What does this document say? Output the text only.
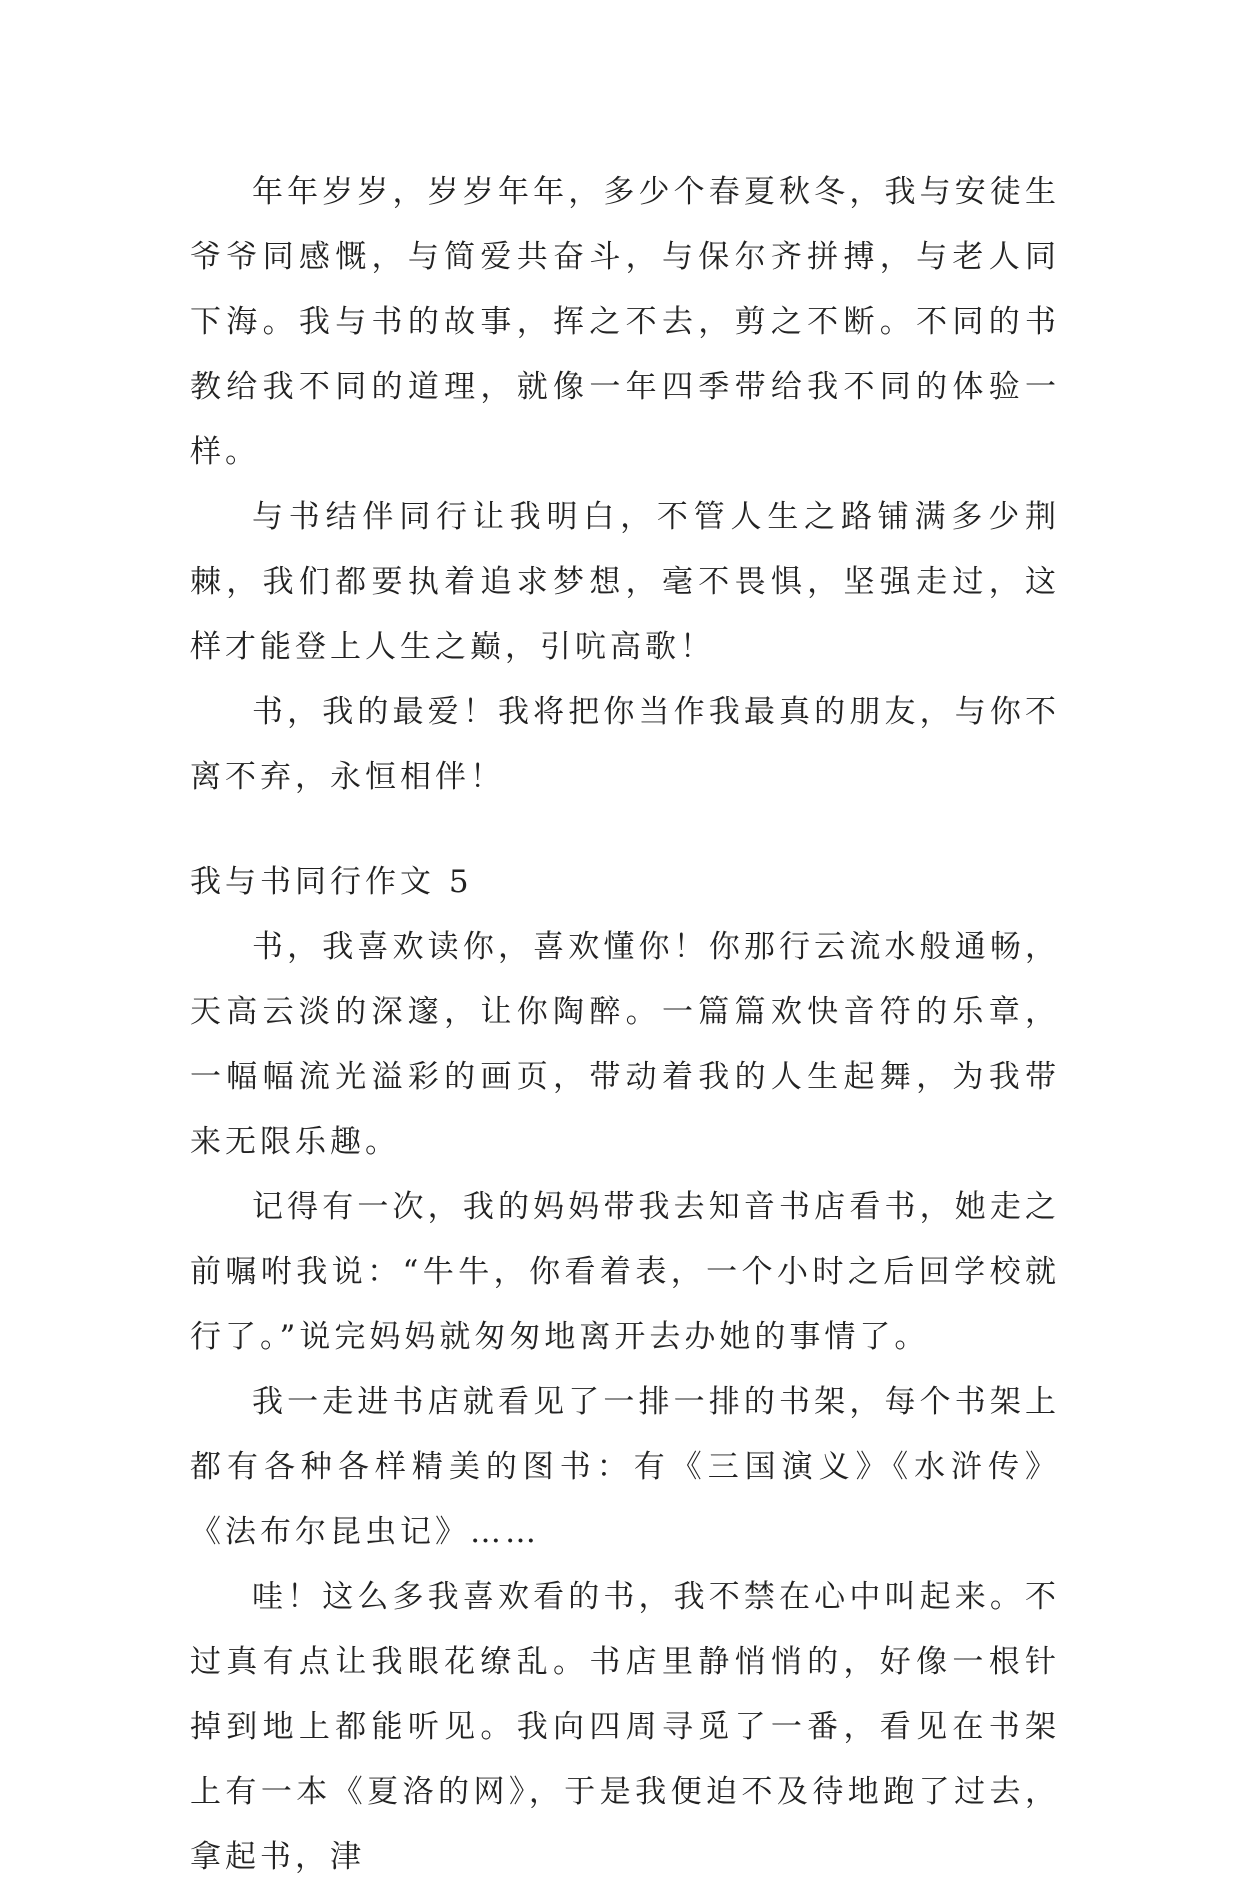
年年岁岁，岁岁年年，多少个春夏秋冬，我与安徒生爷爷同感慨，与简爱共奋斗，与保尔齐拼搏，与老人同下海。我与书的故事，挥之不去，剪之不断。不同的书教给我不同的道理，就像一年四季带给我不同的体验一样。

与书结伴同行让我明白，不管人生之路铺满多少荆棘，我们都要执着追求梦想，毫不畏惧，坚强走过，这样才能登上人生之巅，引吭高歌！

书，我的最爱！我将把你当作我最真的朋友，与你不离不弃，永恒相伴！

我与书同行作文 5

书，我喜欢读你，喜欢懂你！你那行云流水般通畅，天高云淡的深邃，让你陶醉。一篇篇欢快音符的乐章，一幅幅流光溢彩的画页，带动着我的人生起舞，为我带来无限乐趣。

记得有一次，我的妈妈带我去知音书店看书，她走之前嘱咐我说：“牛牛，你看着表，一个小时之后回学校就行了。”说完妈妈就匆匆地离开去办她的事情了。

我一走进书店就看见了一排一排的书架，每个书架上都有各种各样精美的图书：有《三国演义》《水浒传》《法布尔昆虫记》……

哇！这么多我喜欢看的书，我不禁在心中叫起来。不过真有点让我眼花缭乱。书店里静悄悄的，好像一根针掉到地上都能听见。我向四周寻觅了一番，看见在书架上有一本《夏洛的网》，于是我便迫不及待地跑了过去，拿起书，津
